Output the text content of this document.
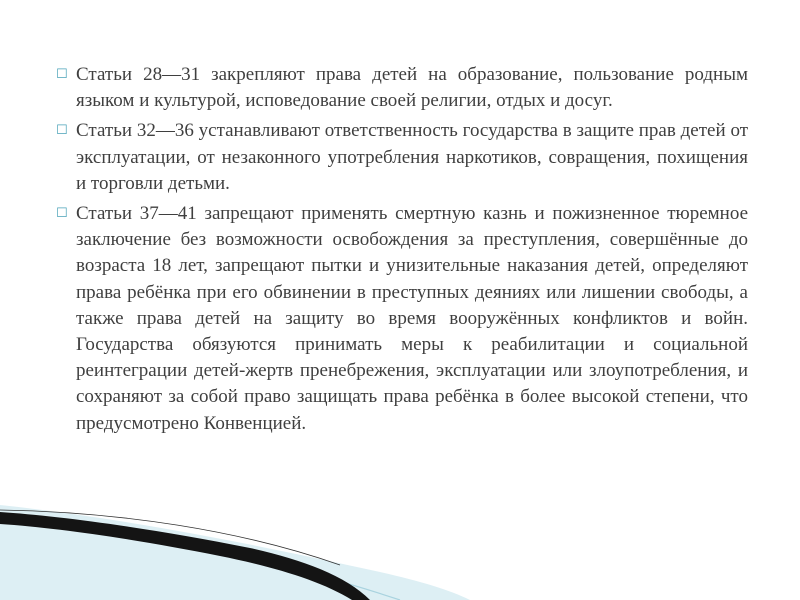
☐ Статьи 28—31 закрепляют права детей на образование, пользование родным языком и культурой, исповедование своей религии, отдых и досуг.
☐ Статьи 32—36 устанавливают ответственность государства в защите прав детей от эксплуатации, от незаконного употребления наркотиков, совращения, похищения и торговли детьми.
☐ Статьи 37—41 запрещают применять смертную казнь и пожизненное тюремное заключение без возможности освобождения за преступления, совершённые до возраста 18 лет, запрещают пытки и унизительные наказания детей, определяют права ребёнка при его обвинении в преступных деяниях или лишении свободы, а также права детей на защиту во время вооружённых конфликтов и войн. Государства обязуются принимать меры к реабилитации и социальной реинтеграции детей-жертв пренебрежения, эксплуатации или злоупотребления, и сохраняют за собой право защищать права ребёнка в более высокой степени, что предусмотрено Конвенцией.
